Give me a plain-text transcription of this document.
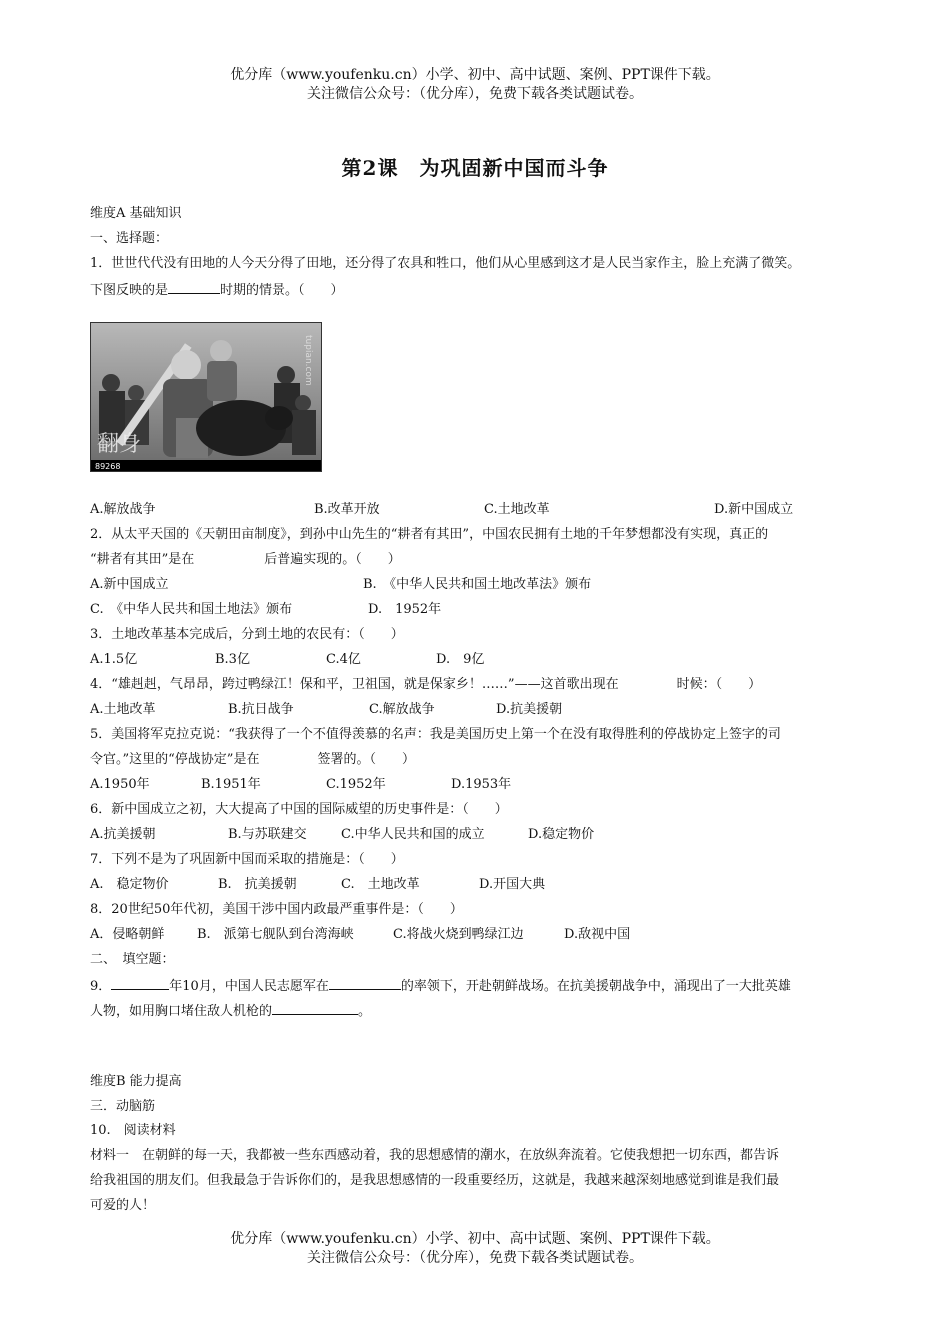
优分库（www.youfenku.cn）小学、初中、高中试题、案例、PPT课件下载。
关注微信公众号：（优分库），免费下载各类试题试卷。
第2课　为巩固新中国而斗争
维度A 基础知识
一、选择题：
1．世世代代没有田地的人今天分得了田地，还分得了农具和牲口，他们从心里感到这才是人民当家作主，脸上充满了微笑。
下图反映的是	时期的情景。（　　）
翻身
89268
tupian.com
A.解放战争	B.改革开放	C.土地改革	D.新中国成立
2．从太平天国的《天朝田亩制度》，到孙中山先生的“耕者有其田”，中国农民拥有土地的千年梦想都没有实现，真正的
“耕者有其田”是在	后普遍实现的。（　　）
A.新中国成立	B.　《中华人民共和国土地改革法》颁布
C.　《中华人民共和国土地法》颁布	D.　1952年
3．土地改革基本完成后，分到土地的农民有：（　　）
A.1.5亿	B.3亿	C.4亿	D.　9亿
4．“雄赳赳，气昂昂，跨过鸭绿江！保和平，卫祖国，就是保家乡！……”——这首歌出现在	时候：（　　）
A.土地改革	B.抗日战争	C.解放战争	D.抗美援朝
5．美国将军克拉克说：“我获得了一个不值得羡慕的名声：我是美国历史上第一个在没有取得胜利的停战协定上签字的司
令官。”这里的“停战协定”是在	签署的。（　　）
A.1950年	B.1951年	C.1952年	D.1953年
6．新中国成立之初，大大提高了中国的国际威望的历史事件是：（　　）
A.抗美援朝	B.与苏联建交	C.中华人民共和国的成立	D.稳定物价
7．下列不是为了巩固新中国而采取的措施是：（　　）
A.　稳定物价	B.　抗美援朝	C.　土地改革	D.开国大典
8．20世纪50年代初，美国干涉中国内政最严重事件是：（　　）
A．侵略朝鲜	B.　派第七舰队到台湾海峡	C.将战火烧到鸭绿江边	D.敌视中国
二、　填空题：
9．	年10月，中国人民志愿军在	的率领下，开赴朝鲜战场。在抗美援朝战争中，涌现出了一大批英雄
人物，如用胸口堵住敌人机枪的	。
维度B 能力提高
三．动脑筋
10.　阅读材料
材料一　在朝鲜的每一天，我都被一些东西感动着，我的思想感情的潮水，在放纵奔流着。它使我想把一切东西，都告诉
给我祖国的朋友们。但我最急于告诉你们的，是我思想感情的一段重要经历，这就是，我越来越深刻地感觉到谁是我们最
可爱的人！
优分库（www.youfenku.cn）小学、初中、高中试题、案例、PPT课件下载。
关注微信公众号：（优分库），免费下载各类试题试卷。
